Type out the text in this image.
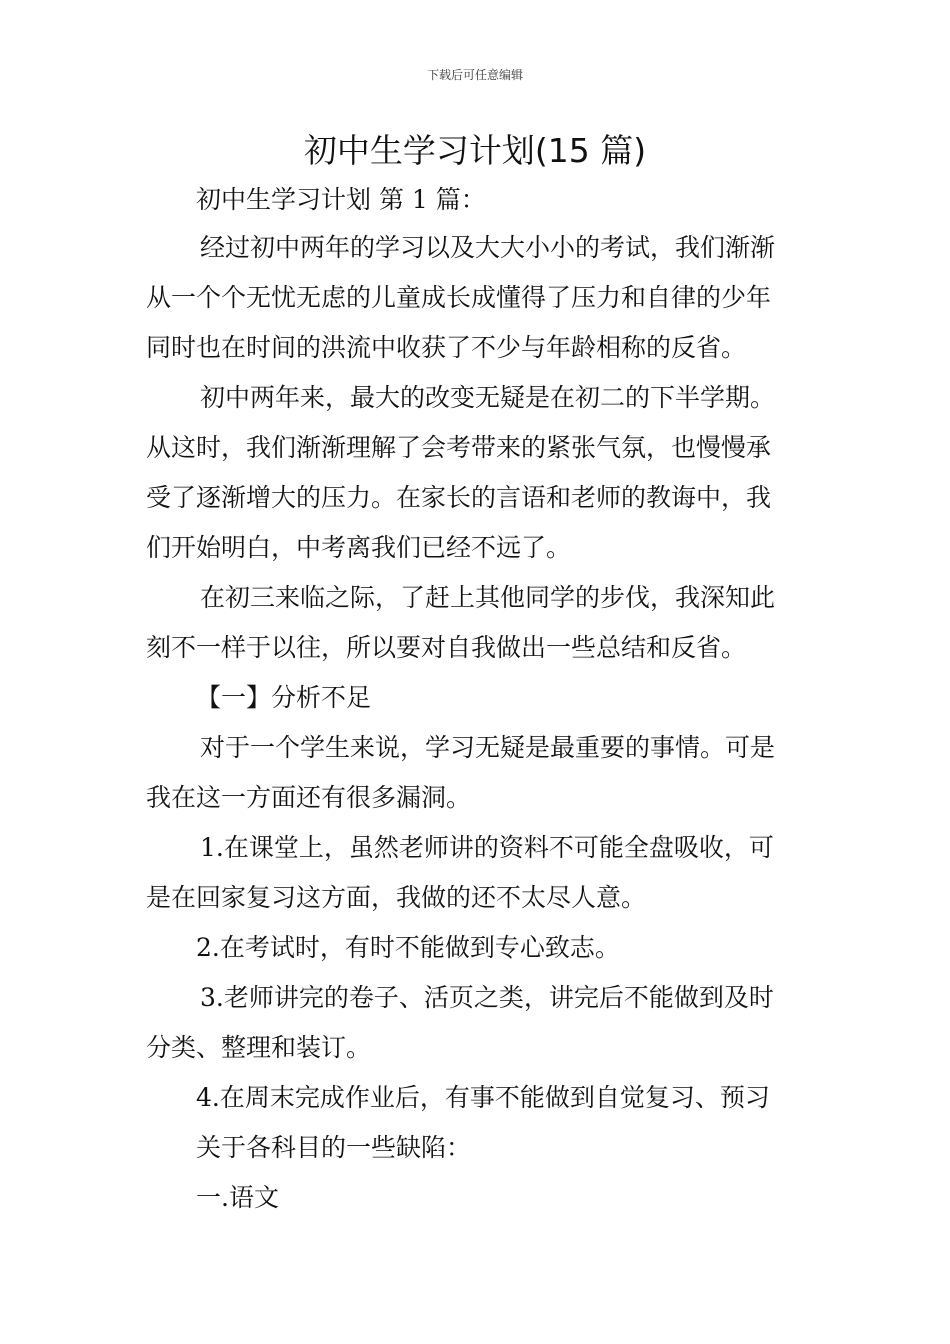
下载后可任意编辑
初中生学习计划(15 篇)
初中生学习计划 第 1 篇：
经过初中两年的学习以及大大小小的考试，我们渐渐
从一个个无忧无虑的儿童成长成懂得了压力和自律的少年
同时也在时间的洪流中收获了不少与年龄相称的反省。
初中两年来，最大的改变无疑是在初二的下半学期。
从这时，我们渐渐理解了会考带来的紧张气氛，也慢慢承
受了逐渐增大的压力。在家长的言语和老师的教诲中，我
们开始明白，中考离我们已经不远了。
在初三来临之际，了赶上其他同学的步伐，我深知此
刻不一样于以往，所以要对自我做出一些总结和反省。
【一】分析不足
对于一个学生来说，学习无疑是最重要的事情。可是
我在这一方面还有很多漏洞。
1.在课堂上，虽然老师讲的资料不可能全盘吸收，可
是在回家复习这方面，我做的还不太尽人意。
2.在考试时，有时不能做到专心致志。
3.老师讲完的卷子、活页之类，讲完后不能做到及时
分类、整理和装订。
4.在周末完成作业后，有事不能做到自觉复习、预习
关于各科目的一些缺陷：
一.语文
